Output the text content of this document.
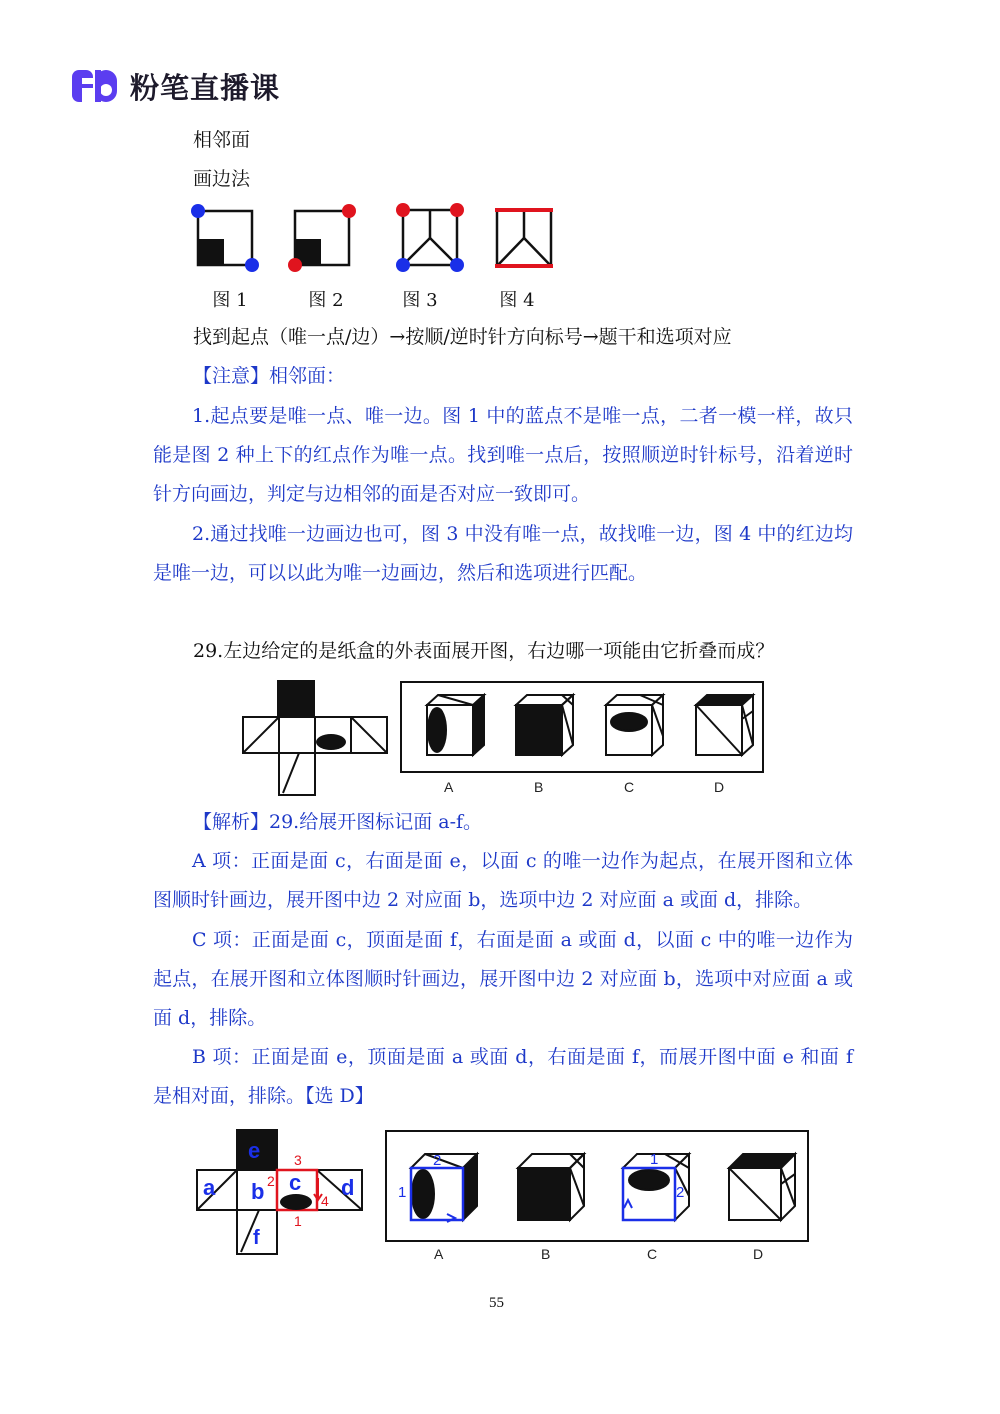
粉笔直播课
相邻面
画边法
图 1	图 2	图 3	图 4
找到起点（唯一点/边）→按顺/逆时针方向标号→题干和选项对应
【注意】相邻面：
1.起点要是唯一点、唯一边。图 1 中的蓝点不是唯一点，二者一模一样，故只能是图 2 种上下的红点作为唯一点。找到唯一点后，按照顺逆时针标号，沿着逆时针方向画边，判定与边相邻的面是否对应一致即可。
2.通过找唯一边画边也可，图 3 中没有唯一点，故找唯一边，图 4 中的红边均是唯一边，可以以此为唯一边画边，然后和选项进行匹配。
29.左边给定的是纸盒的外表面展开图，右边哪一项能由它折叠而成？
A	B	C	D
【解析】29.给展开图标记面 a-f。
A 项：正面是面 c，右面是面 e，以面 c 的唯一边作为起点，在展开图和立体图顺时针画边，展开图中边 2 对应面 b，选项中边 2 对应面 a 或面 d，排除。
C 项：正面是面 c，顶面是面 f，右面是面 a 或面 d，以面 c 中的唯一边作为起点，在展开图和立体图顺时针画边，展开图中边 2 对应面 b，选项中对应面 a 或面 d，排除。
B 项：正面是面 e，顶面是面 a 或面 d，右面是面 f，而展开图中面 e 和面 f 是相对面，排除。【选 D】
e
a b c d
f
3
2
4
1
1
2	1
2
A	B	C	D
55
